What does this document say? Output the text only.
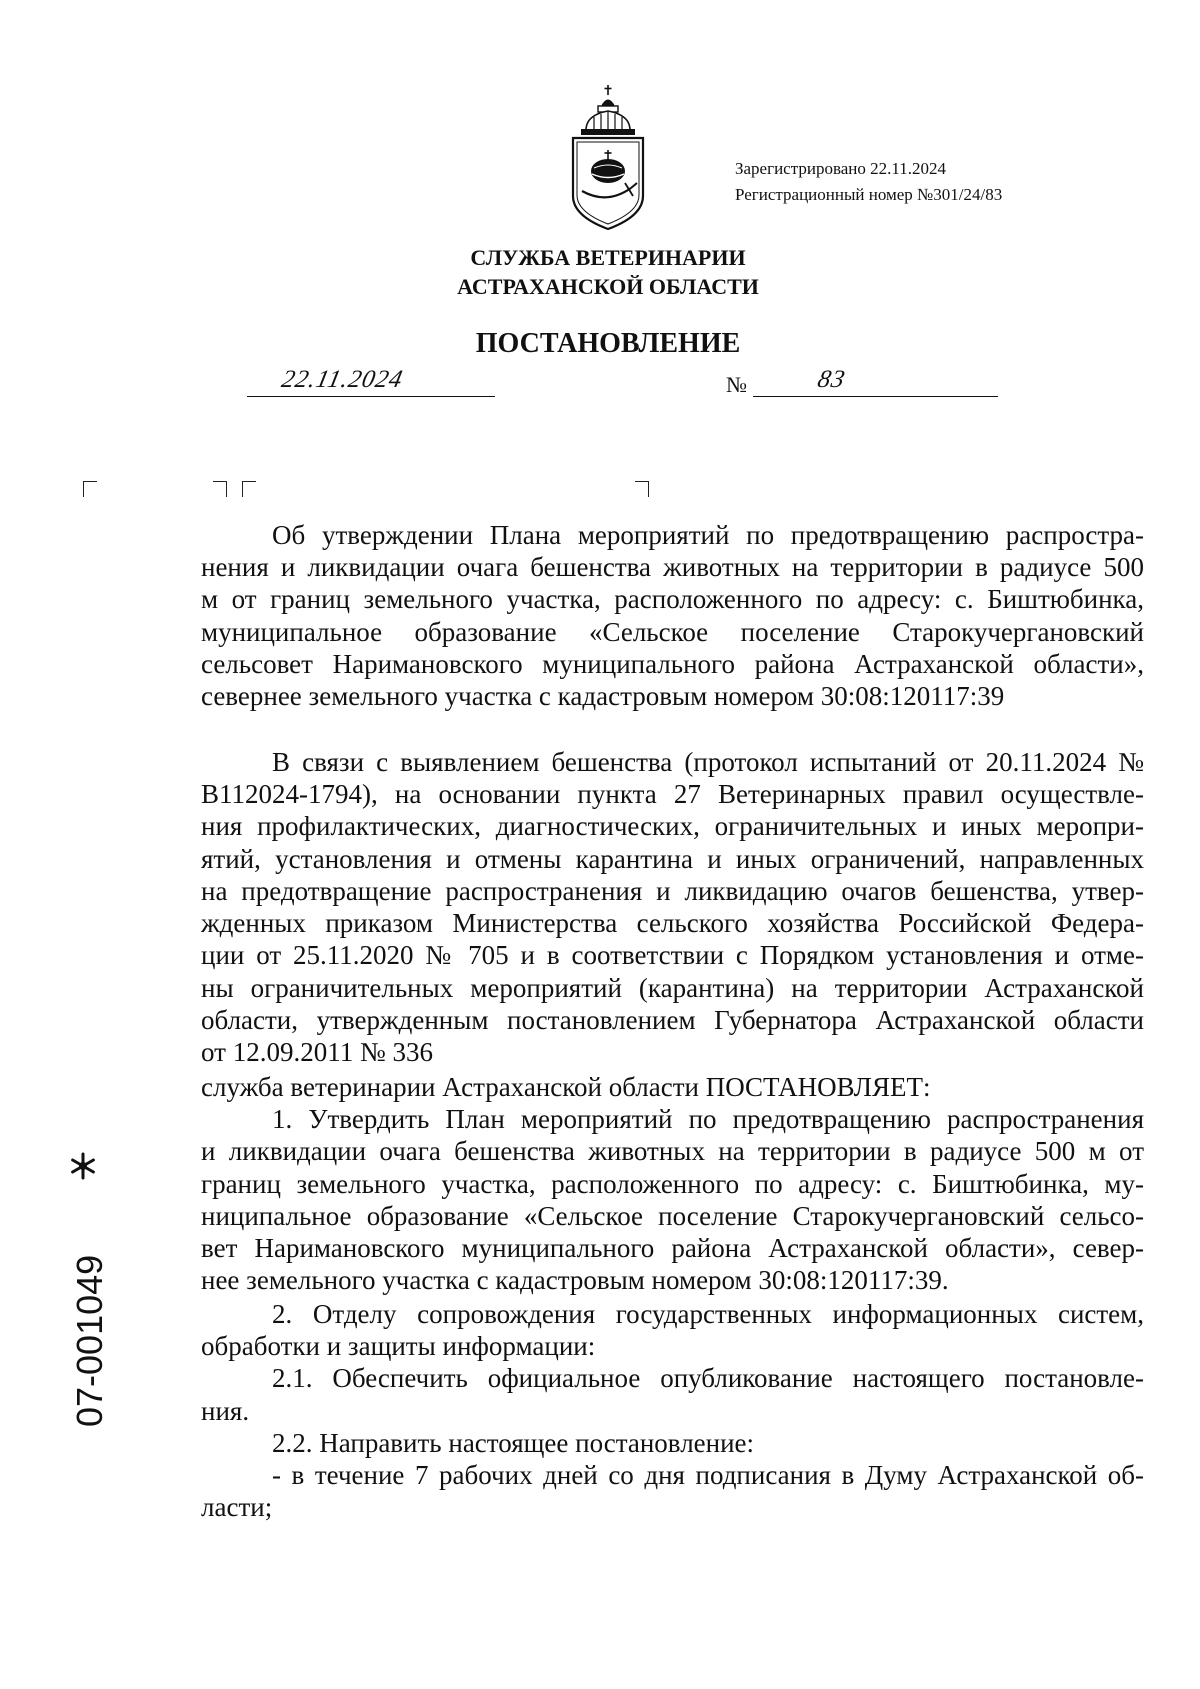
Зарегистрировано 22.11.2024
Регистрационный номер №301/24/83
СЛУЖБА ВЕТЕРИНАРИИ
АСТРАХАНСКОЙ ОБЛАСТИ
ПОСТАНОВЛЕНИЕ
22.11.2024	№	83
Об утверждении Плана мероприятий по предотвращению распростра-
нения и ликвидации очага бешенства животных на территории в радиусе 500
м от границ земельного участка, расположенного по адресу: с. Биштюбинка,
муниципальное образование «Сельское поселение Старокучергановский
сельсовет Наримановского муниципального района Астраханской области»,
севернее земельного участка с кадастровым номером 30:08:120117:39
В связи с выявлением бешенства (протокол испытаний от 20.11.2024 №
В112024-1794), на основании пункта 27 Ветеринарных правил осуществле-
ния профилактических, диагностических, ограничительных и иных меропри-
ятий, установления и отмены карантина и иных ограничений, направленных
на предотвращение распространения и ликвидацию очагов бешенства, утвер-
жденных приказом Министерства сельского хозяйства Российской Федера-
ции от 25.11.2020 № 705 и в соответствии с Порядком установления и отме-
ны ограничительных мероприятий (карантина) на территории Астраханской
области, утвержденным постановлением Губернатора Астраханской области
от 12.09.2011 № 336
служба ветеринарии Астраханской области ПОСТАНОВЛЯЕТ:
1. Утвердить План мероприятий по предотвращению распространения
и ликвидации очага бешенства животных на территории в радиусе 500 м от
границ земельного участка, расположенного по адресу: с. Биштюбинка, му-
ниципальное образование «Сельское поселение Старокучергановский сельсо-
вет Наримановского муниципального района Астраханской области», север-
нее земельного участка с кадастровым номером 30:08:120117:39.
2. Отделу сопровождения государственных информационных систем,
обработки и защиты информации:
2.1. Обеспечить официальное опубликование настоящего постановле-
ния.
2.2. Направить настоящее постановление:
- в течение 7 рабочих дней со дня подписания в Думу Астраханской об-
ласти;
07-001049
